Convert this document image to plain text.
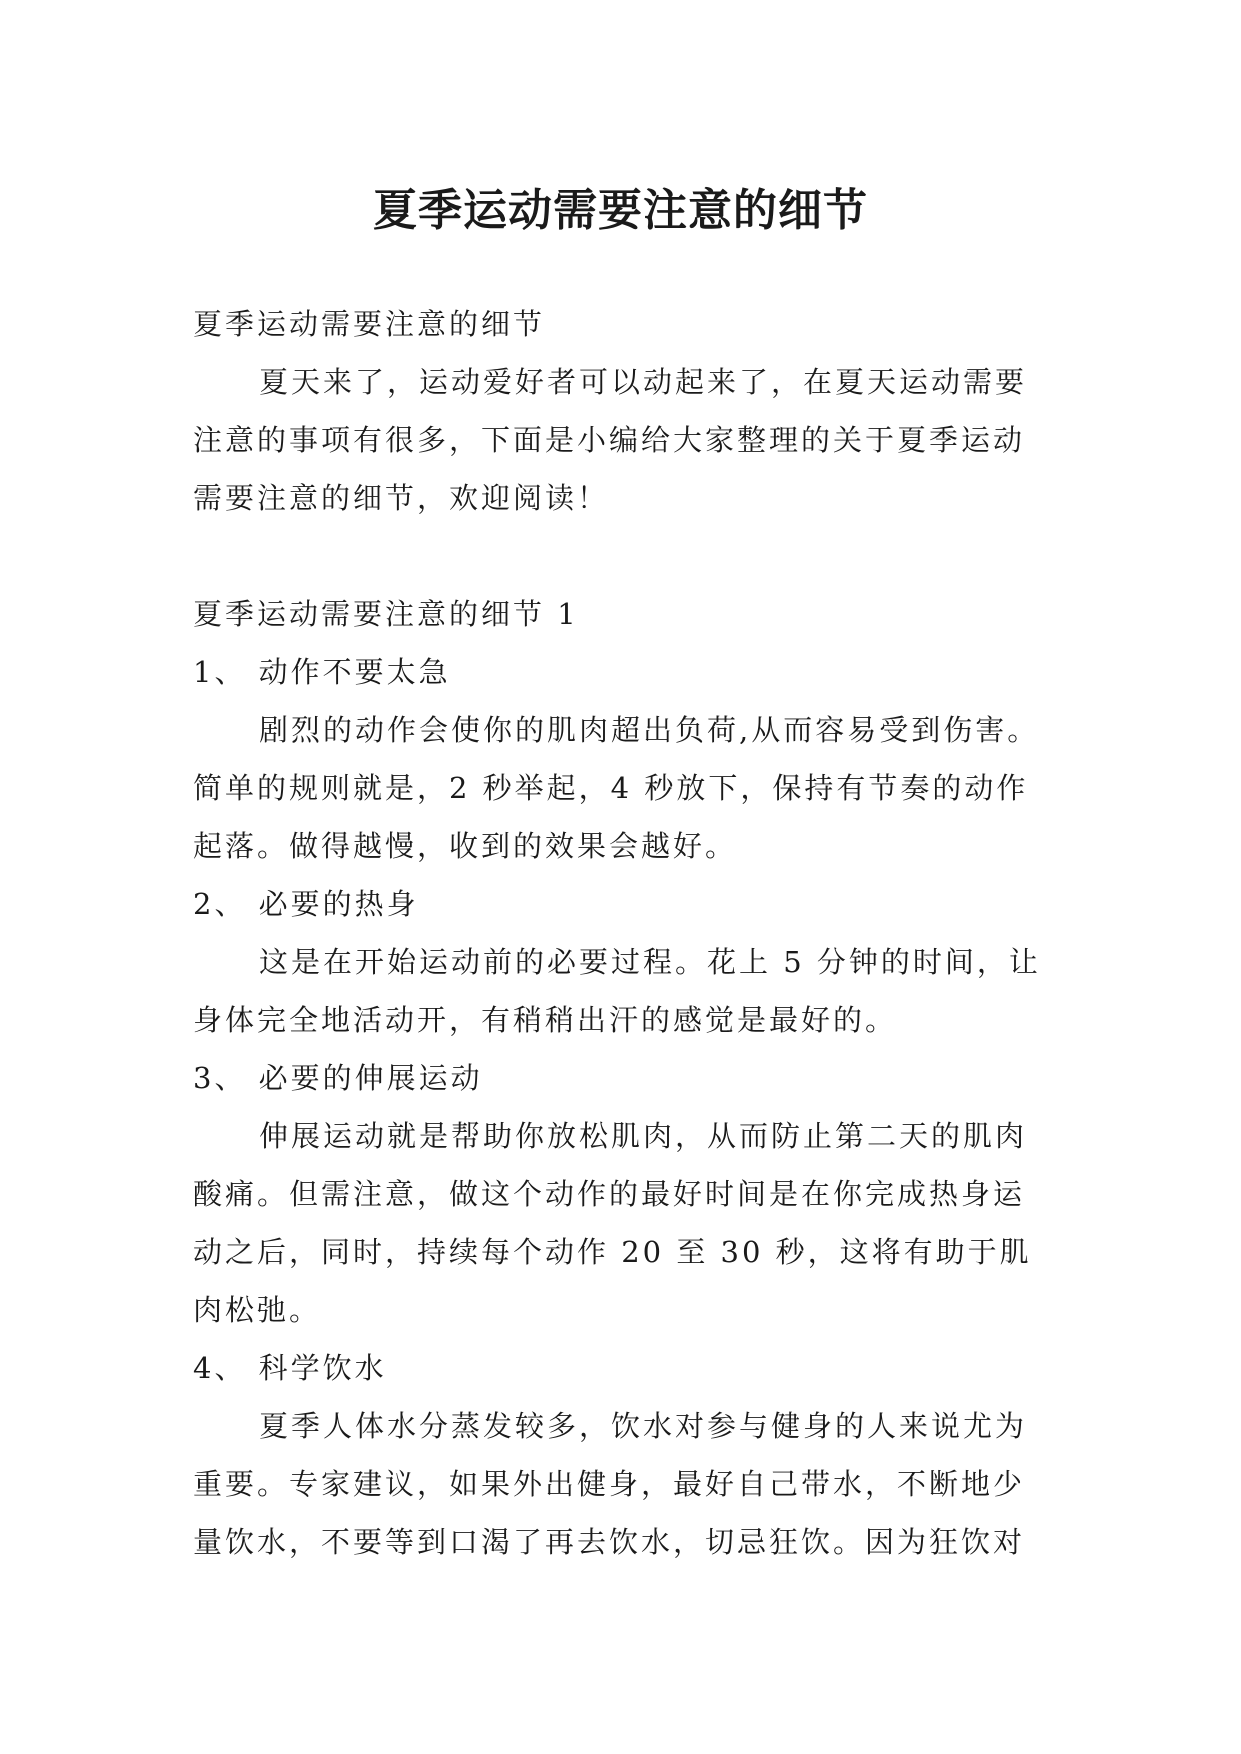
夏季运动需要注意的细节

夏季运动需要注意的细节

夏天来了，运动爱好者可以动起来了，在夏天运动需要注意的事项有很多，下面是小编给大家整理的关于夏季运动需要注意的细节，欢迎阅读！

夏季运动需要注意的细节 1

1、 动作不要太急

剧烈的动作会使你的肌肉超出负荷,从而容易受到伤害。简单的规则就是，2 秒举起，4 秒放下，保持有节奏的动作起落。做得越慢，收到的效果会越好。

2、 必要的热身

这是在开始运动前的必要过程。花上 5 分钟的时间，让身体完全地活动开，有稍稍出汗的感觉是最好的。

3、 必要的伸展运动

伸展运动就是帮助你放松肌肉，从而防止第二天的肌肉酸痛。但需注意，做这个动作的最好时间是在你完成热身运动之后，同时，持续每个动作 20 至 30 秒，这将有助于肌肉松弛。

4、 科学饮水

夏季人体水分蒸发较多，饮水对参与健身的人来说尤为重要。专家建议，如果外出健身，最好自己带水，不断地少量饮水，不要等到口渴了再去饮水，切忌狂饮。因为狂饮对
